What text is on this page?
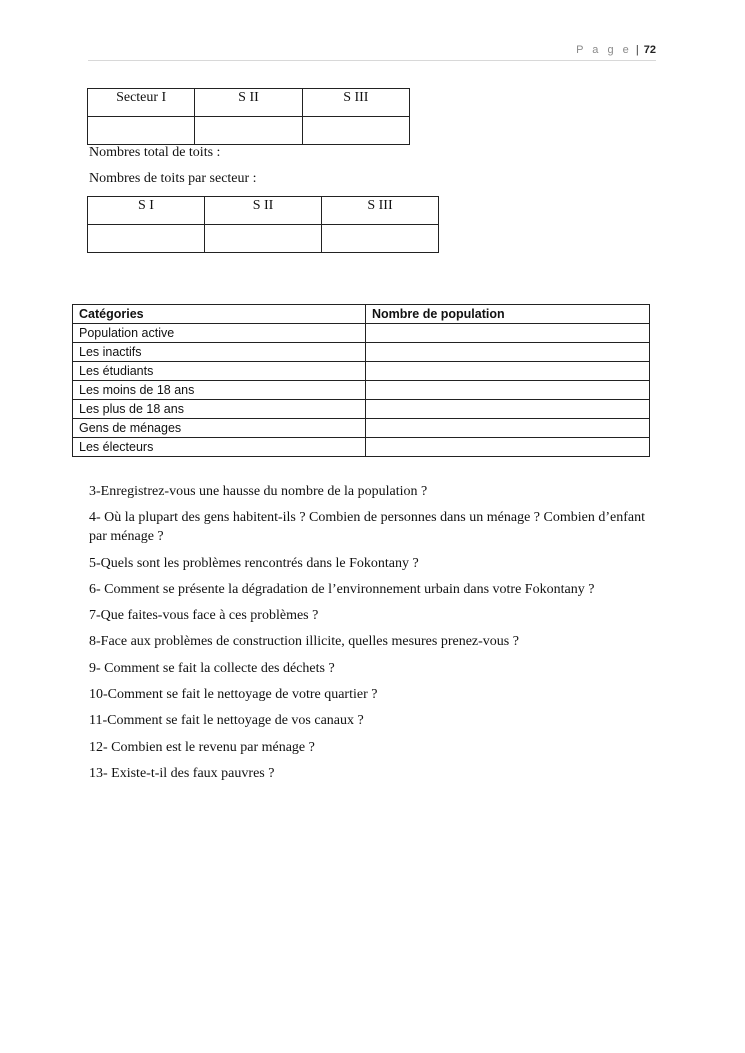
P a g e | 72
Secteur I	S II	S III

Nombres total de toits :
Nombres de toits par secteur :
S I	S II	S III

Catégories	Nombre de population
Population active	
Les inactifs	
Les étudiants	
Les moins de 18 ans	
Les plus de 18 ans	
Gens de ménages	
Les électeurs	

3-Enregistrez-vous une hausse du nombre de la population ?

4- Où la plupart des gens habitent-ils ? Combien de personnes dans un ménage ? Combien d’enfant par ménage ?

5-Quels sont les problèmes rencontrés dans le Fokontany ?

6- Comment se présente la dégradation de l’environnement urbain dans votre Fokontany ?

7-Que faites-vous face à ces problèmes ?

8-Face aux problèmes de construction illicite, quelles mesures prenez-vous ?

9- Comment se fait la collecte des déchets ?

10-Comment se fait le nettoyage de votre quartier ?

11-Comment se fait le nettoyage de vos canaux ?

12- Combien est le revenu par ménage ?

13- Existe-t-il des faux pauvres ?
